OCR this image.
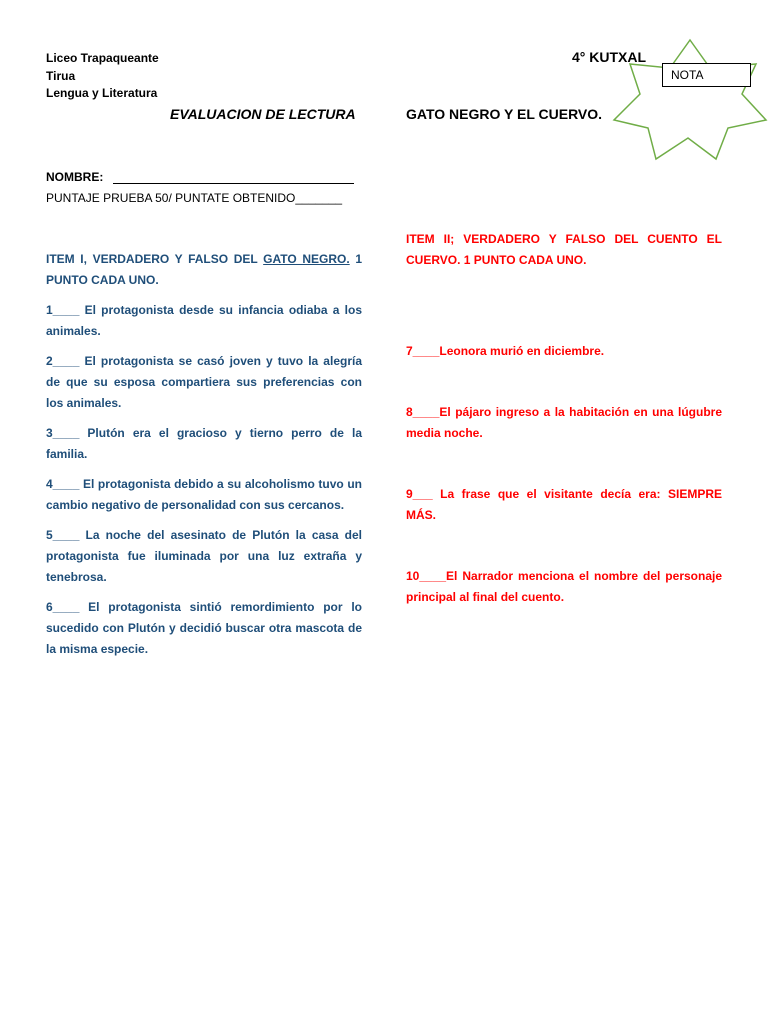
Liceo Trapaqueante
Tirua
Lengua y Literatura
4° KUTXAL
NOTA
EVALUACION DE LECTURA	GATO NEGRO Y EL CUERVO.
NOMBRE:
PUNTAJE PRUEBA 50/ PUNTATE OBTENIDO_______

ITEM I, VERDADERO Y FALSO DEL GATO NEGRO. 1 PUNTO CADA UNO.

1____ El protagonista desde su infancia odiaba a los animales.

2____ El protagonista se casó joven y tuvo la alegría de que su esposa compartiera sus preferencias con los animales.

3____ Plutón era el gracioso y tierno perro de la familia.

4____ El protagonista debido a su alcoholismo tuvo un cambio negativo de personalidad con sus cercanos.

5____ La noche del asesinato de Plutón la casa del protagonista fue iluminada por una luz extraña y tenebrosa.

6____ El protagonista sintió remordimiento por lo sucedido con Plutón y decidió buscar otra mascota de la misma especie.

ITEM II; VERDADERO Y FALSO DEL CUENTO EL CUERVO. 1 PUNTO CADA UNO.

7____Leonora murió en diciembre.

8____El pájaro ingreso a la habitación en una lúgubre media noche.

9___ La frase que el visitante decía era: SIEMPRE MÁS.

10____El Narrador menciona el nombre del personaje principal al final del cuento.
